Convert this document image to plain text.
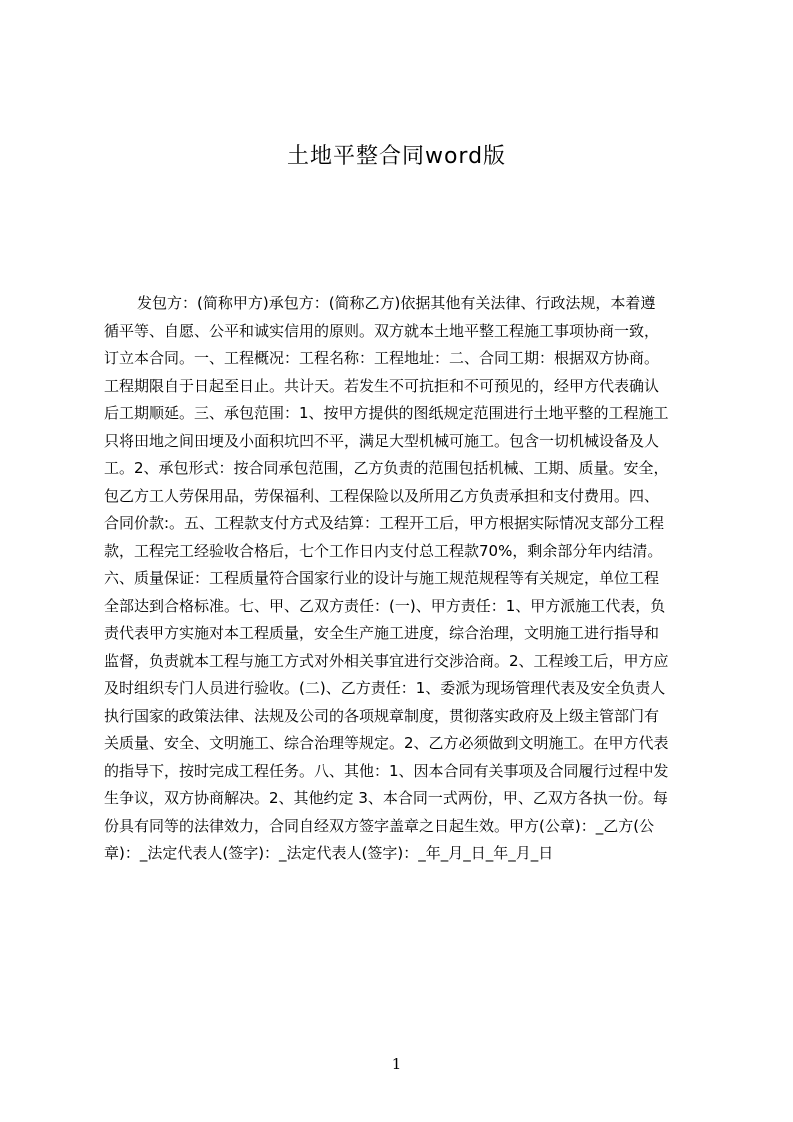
土地平整合同word版
发包方：(简称甲方)承包方：(简称乙方)依据其他有关法律、行政法规，本着遵
循平等、自愿、公平和诚实信用的原则。双方就本土地平整工程施工事项协商一致，
订立本合同。一、工程概况：工程名称：工程地址：二、合同工期：根据双方协商。
工程期限自于日起至日止。共计天。若发生不可抗拒和不可预见的，经甲方代表确认
后工期顺延。三、承包范围：1、按甲方提供的图纸规定范围进行土地平整的工程施工
只将田地之间田埂及小面积坑凹不平，满足大型机械可施工。包含一切机械设备及人
工。2、承包形式：按合同承包范围，乙方负责的范围包括机械、工期、质量。安全，
包乙方工人劳保用品，劳保福利、工程保险以及所用乙方负责承担和支付费用。四、
合同价款:。五、工程款支付方式及结算：工程开工后，甲方根据实际情况支部分工程
款，工程完工经验收合格后，七个工作日内支付总工程款70%，剩余部分年内结清。
六、质量保证：工程质量符合国家行业的设计与施工规范规程等有关规定，单位工程
全部达到合格标准。七、甲、乙双方责任：(一)、甲方责任：1、甲方派施工代表，负
责代表甲方实施对本工程质量，安全生产施工进度，综合治理，文明施工进行指导和
监督，负责就本工程与施工方式对外相关事宜进行交涉洽商。2、工程竣工后，甲方应
及时组织专门人员进行验收。(二)、乙方责任：1、委派为现场管理代表及安全负责人
执行国家的政策法律、法规及公司的各项规章制度，贯彻落实政府及上级主管部门有
关质量、安全、文明施工、综合治理等规定。2、乙方必须做到文明施工。在甲方代表
的指导下，按时完成工程任务。八、其他：1、因本合同有关事项及合同履行过程中发
生争议，双方协商解决。2、其他约定 3、本合同一式两份，甲、乙双方各执一份。每
份具有同等的法律效力，合同自经双方签字盖章之日起生效。甲方(公章)：_乙方(公
章)：_法定代表人(签字)：_法定代表人(签字)：_年_月_日_年_月_日
1
